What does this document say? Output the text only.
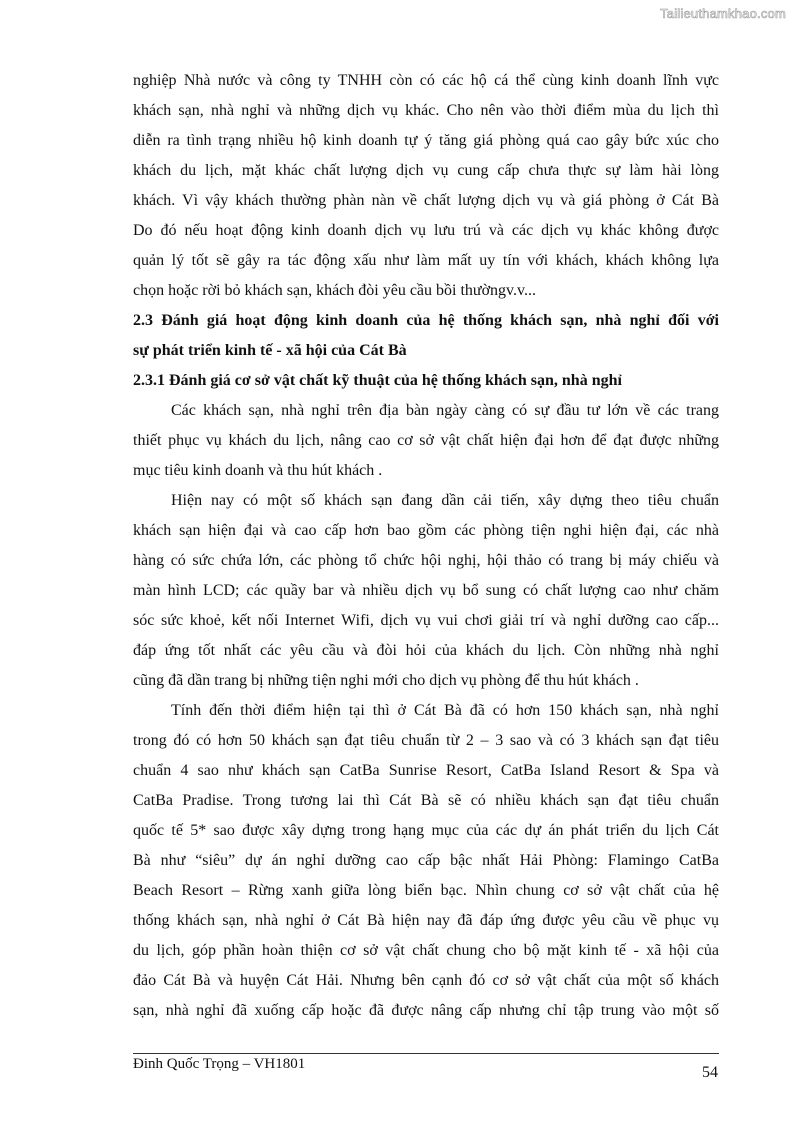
Tailieuthamkhao.com
nghiệp Nhà nước và công ty TNHH còn có các hộ cá thể cùng kinh doanh lĩnh vực
khách sạn, nhà nghỉ và những dịch vụ khác. Cho nên vào thời điểm mùa du lịch thì
diễn ra tình trạng nhiều hộ kinh doanh tự ý tăng giá phòng quá cao gây bức xúc cho
khách du lịch, mặt khác chất lượng dịch vụ cung cấp chưa thực sự làm hài lòng
khách. Vì vậy khách thường phàn nàn về chất lượng dịch vụ và giá phòng ở Cát Bà
Do đó nếu hoạt động kinh doanh dịch vụ lưu trú và các dịch vụ khác không được
quản lý tốt sẽ gây ra tác động xấu như làm mất uy tín với khách, khách không lựa
chọn hoặc rời bỏ khách sạn, khách đòi yêu cầu bồi thườngv.v...
2.3 Đánh giá hoạt động kinh doanh của hệ thống khách sạn, nhà nghỉ đối với
sự phát triển kinh tế - xã hội của Cát Bà
2.3.1 Đánh giá cơ sở vật chất kỹ thuật của hệ thống khách sạn, nhà nghỉ
Các khách sạn, nhà nghỉ trên địa bàn ngày càng có sự đầu tư lớn về các trang
thiết phục vụ khách du lịch, nâng cao cơ sở vật chất hiện đại hơn để đạt được những
mục tiêu kinh doanh và thu hút khách .
Hiện nay có một số khách sạn đang dần cải tiến, xây dựng theo tiêu chuẩn
khách sạn hiện đại và cao cấp hơn bao gồm các phòng tiện nghi hiện đại, các nhà
hàng có sức chứa lớn, các phòng tổ chức hội nghị, hội thảo có trang bị máy chiếu và
màn hình LCD; các quầy bar và nhiều dịch vụ bổ sung có chất lượng cao như chăm
sóc sức khoẻ, kết nối Internet Wifi, dịch vụ vui chơi giải trí và nghỉ dưỡng cao cấp...
đáp ứng tốt nhất các yêu cầu và đòi hỏi của khách du lịch. Còn những nhà nghỉ
cũng đã dần trang bị những tiện nghi mới cho dịch vụ phòng để thu hút khách .
Tính đến thời điểm hiện tại thì ở Cát Bà đã có hơn 150 khách sạn, nhà nghỉ
trong đó có hơn 50 khách sạn đạt tiêu chuẩn từ 2 – 3 sao và có 3 khách sạn đạt tiêu
chuẩn 4 sao như khách sạn CatBa Sunrise Resort, CatBa Island Resort & Spa và
CatBa Pradise. Trong tương lai thì Cát Bà sẽ có nhiều khách sạn đạt tiêu chuẩn
quốc tế 5* sao được xây dựng trong hạng mục của các dự án phát triển du lịch Cát
Bà như “siêu” dự án nghỉ dưỡng cao cấp bậc nhất Hải Phòng: Flamingo CatBa
Beach Resort – Rừng xanh giữa lòng biển bạc. Nhìn chung cơ sở vật chất của hệ
thống khách sạn, nhà nghỉ ở Cát Bà hiện nay đã đáp ứng được yêu cầu về phục vụ
du lịch, góp phần hoàn thiện cơ sở vật chất chung cho bộ mặt kinh tế - xã hội của
đảo Cát Bà và huyện Cát Hải. Nhưng bên cạnh đó cơ sở vật chất của một số khách
sạn, nhà nghỉ đã xuống cấp hoặc đã được nâng cấp nhưng chỉ tập trung vào một số
Đinh Quốc Trọng – VH1801	54
